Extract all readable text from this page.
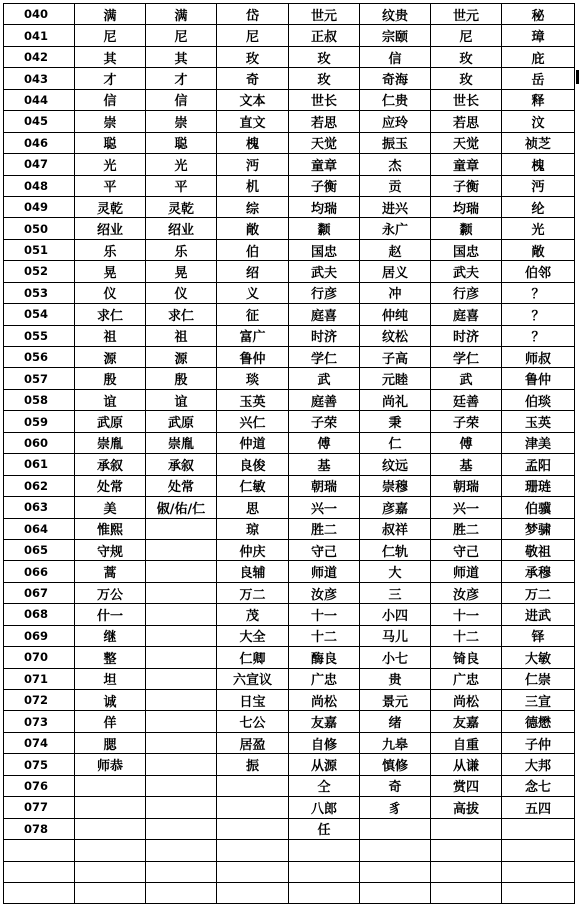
040	满	满	岱	世元	纹贵	世元	秘
041	尼	尼	尼	正叔	宗颐	尼	璋
042	其	其	玫	玫	信	玫	庇
043	才	才	奇	玫	奇海	玫	岳
044	信	信	文本	世长	仁贵	世长	释
045	崇	崇	直文	若思	应玲	若思	汶
046	聪	聪	槐	天觉	振玉	天觉	祯芝
047	光	光	沔	童章	杰	童章	槐
048	平	平	机	子衡	贡	子衡	沔
049	灵乾	灵乾	综	均瑞	进兴	均瑞	纶
050	绍业	绍业	敞	颣	永广	颣	光
051	乐	乐	伯	国忠	赵	国忠	敞
052	晃	晃	绍	武夫	居义	武夫	伯邻
053	仪	仪	义	行彦	冲	行彦	？
054	求仁	求仁	征	庭喜	仲纯	庭喜	？
055	祖	祖	富广	时济	纹松	时济	？
056	源	源	鲁仲	学仁	子高	学仁	师叔
057	殷	殷	琰	武	元睦	武	鲁仲
058	谊	谊	玉英	庭善	尚礼	廷善	伯琰
059	武原	武原	兴仁	子荣	秉	子荣	玉英
060	崇胤	崇胤	仲道	傅	仁	傅	津美
061	承叙	承叙	良俊	基	纹远	基	孟阳
062	处常	处常	仁敏	朝瑞	崇穆	朝瑞	珊琏
063	美	俶/佑/仁	思	兴一	彦嘉	兴一	伯骥
064	惟熙		琼	胜二	叔祥	胜二	梦骕
065	守规		仲庆	守己	仁轨	守己	敬祖
066	蒿		良辅	师道	大	师道	承穆
067	万公		万二	汝彦	三	汝彦	万二
068	什一		茂	十一	小四	十一	进武
069	继		大全	十二	马儿	十二	铎
070	整		仁卿	酶良	小七	锜良	大敏
071	坦		六宣议	广忠	贵	广忠	仁崇
072	诚		日宝	尚松	景元	尚松	三宣
073	佯		七公	友嘉	绪	友嘉	德懋
074	腮		居盈	自修	九皋	自重	子仲
075	师恭		振	从源	慎修	从谦	大邦
076				仝	奇	赏四	念七
077				八郎	豸	高拔	五四
078				任			
